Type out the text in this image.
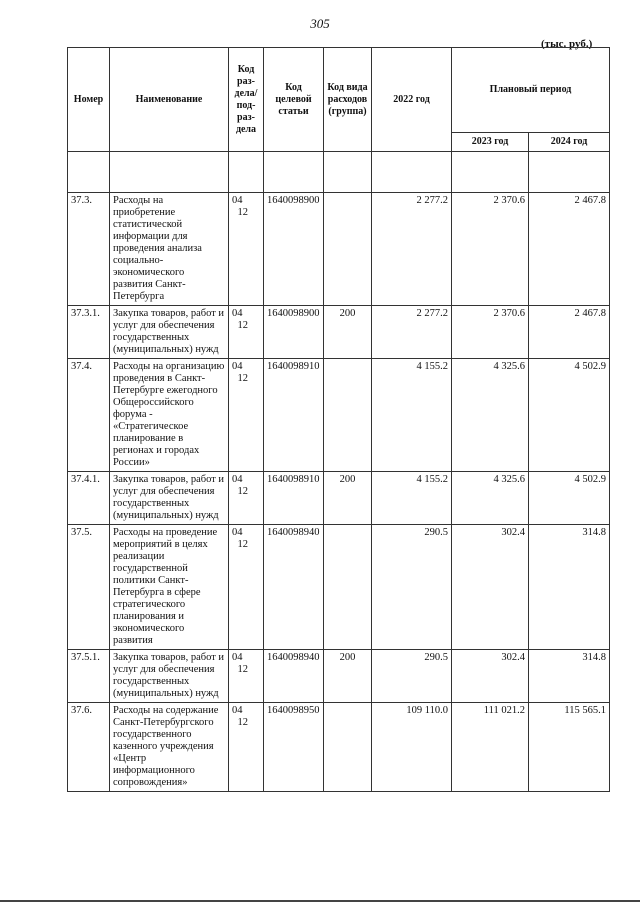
305
(тыс. руб.)
Номер	Наименование	Код раз-дела/ под-раз-дела	Код целевой статьи	Код вида расходов (группа)	2022 год	Плановый период	
						2023 год	2024 год

37.3.	Расходы на приобретение статистической информации для проведения анализа социально-экономического развития Санкт-Петербурга	0412	1640098900		2 277.2	2 370.6	2 467.8
37.3.1.	Закупка товаров, работ и услуг для обеспечения государственных (муниципальных) нужд	0412	1640098900	200	2 277.2	2 370.6	2 467.8
37.4.	Расходы на организацию проведения в Санкт-Петербурге ежегодного Общероссийского форума - «Стратегическое планирование в регионах и городах России»	0412	1640098910		4 155.2	4 325.6	4 502.9
37.4.1.	Закупка товаров, работ и услуг для обеспечения государственных (муниципальных) нужд	0412	1640098910	200	4 155.2	4 325.6	4 502.9
37.5.	Расходы на проведение мероприятий в целях реализации государственной политики Санкт-Петербурга в сфере стратегического планирования и экономического развития	0412	1640098940		290.5	302.4	314.8
37.5.1.	Закупка товаров, работ и услуг для обеспечения государственных (муниципальных) нужд	0412	1640098940	200	290.5	302.4	314.8
37.6.	Расходы на содержание Санкт-Петербургского государственного казенного учреждения «Центр информационного сопровождения»	0412	1640098950		109 110.0	111 021.2	115 565.1
